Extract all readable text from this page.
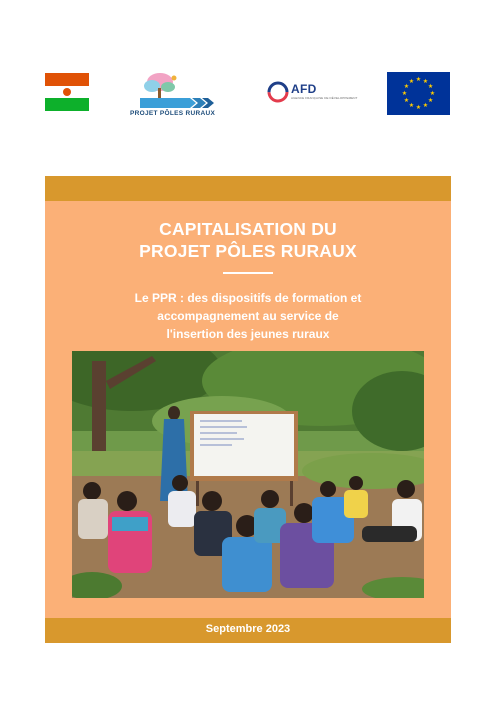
PROJET PÔLES RURAUX
AFD
AGENCE FRANÇAISE DE DÉVELOPPEMENT
★ ★
★
★
★
★
★
★
★
★
★
★
CAPITALISATION DU
PROJET PÔLES RURAUX
Le PPR : des dispositifs de formation et
accompagnement au service de
l'insertion des jeunes ruraux
Septembre 2023
